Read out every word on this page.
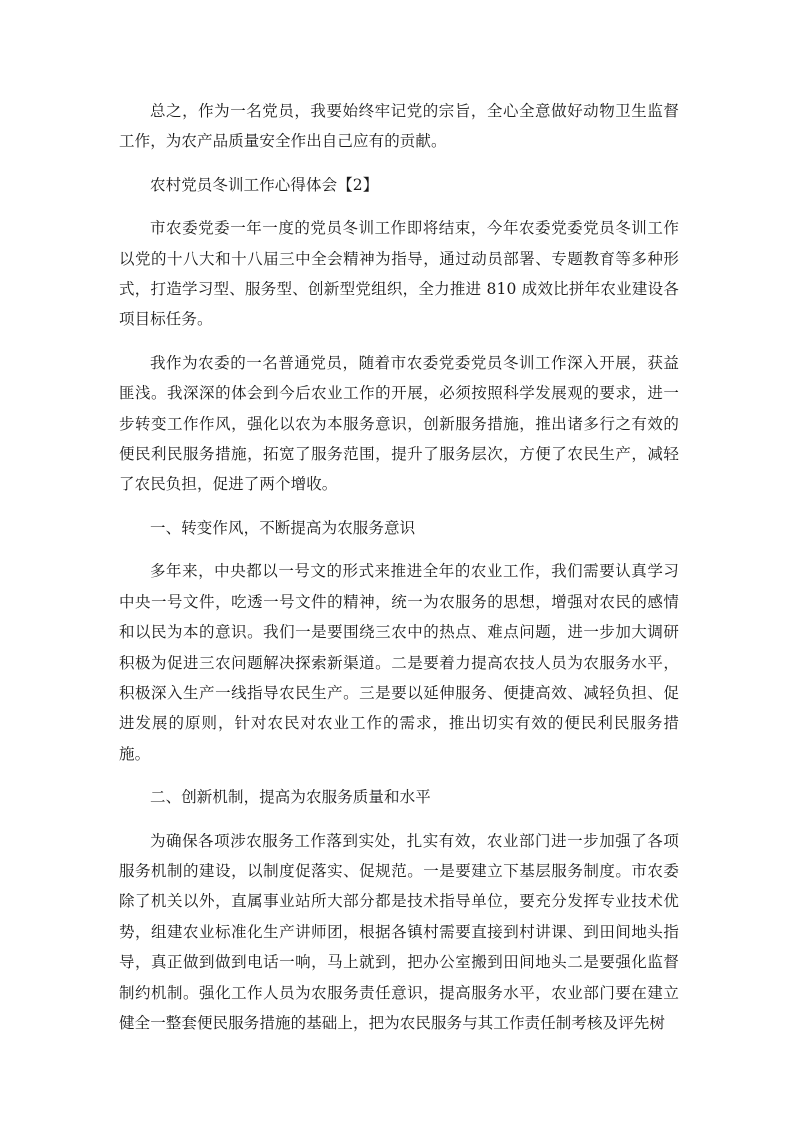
总之，作为一名党员，我要始终牢记党的宗旨，全心全意做好动物卫生监督工作，为农产品质量安全作出自己应有的贡献。

农村党员冬训工作心得体会【2】

市农委党委一年一度的党员冬训工作即将结束，今年农委党委党员冬训工作以党的十八大和十八届三中全会精神为指导，通过动员部署、专题教育等多种形式，打造学习型、服务型、创新型党组织，全力推进 810 成效比拼年农业建设各项目标任务。

我作为农委的一名普通党员，随着市农委党委党员冬训工作深入开展，获益匪浅。我深深的体会到今后农业工作的开展，必须按照科学发展观的要求，进一步转变工作作风，强化以农为本服务意识，创新服务措施，推出诸多行之有效的便民利民服务措施，拓宽了服务范围，提升了服务层次，方便了农民生产，减轻了农民负担，促进了两个增收。

一、转变作风，不断提高为农服务意识

多年来，中央都以一号文的形式来推进全年的农业工作，我们需要认真学习中央一号文件，吃透一号文件的精神，统一为农服务的思想，增强对农民的感情和以民为本的意识。我们一是要围绕三农中的热点、难点问题，进一步加大调研积极为促进三农问题解决探索新渠道。二是要着力提高农技人员为农服务水平，积极深入生产一线指导农民生产。三是要以延伸服务、便捷高效、减轻负担、促进发展的原则，针对农民对农业工作的需求，推出切实有效的便民利民服务措施。

二、创新机制，提高为农服务质量和水平

为确保各项涉农服务工作落到实处，扎实有效，农业部门进一步加强了各项服务机制的建设，以制度促落实、促规范。一是要建立下基层服务制度。市农委除了机关以外，直属事业站所大部分都是技术指导单位，要充分发挥专业技术优势，组建农业标准化生产讲师团，根据各镇村需要直接到村讲课、到田间地头指导，真正做到做到电话一响，马上就到，把办公室搬到田间地头二是要强化监督制约机制。强化工作人员为农服务责任意识，提高服务水平，农业部门要在建立健全一整套便民服务措施的基础上，把为农民服务与其工作责任制考核及评先树
